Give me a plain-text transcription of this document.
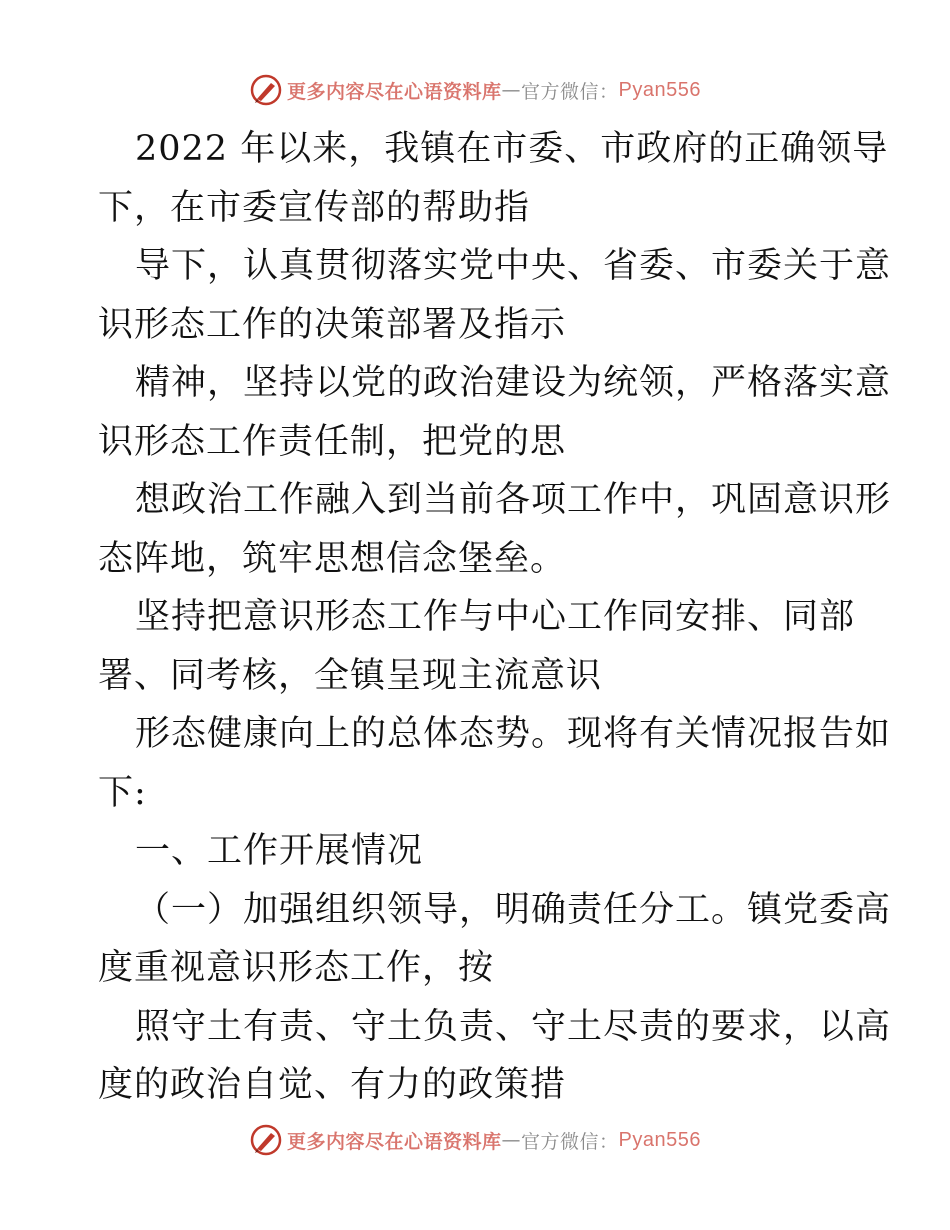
更多内容尽在心语资料库 — 官方微信： Pyan556
2022 年以来，我镇在市委、市政府的正确领导
下，在市委宣传部的帮助指
导下，认真贯彻落实党中央、省委、市委关于意
识形态工作的决策部署及指示
精神，坚持以党的政治建设为统领，严格落实意
识形态工作责任制，把党的思
想政治工作融入到当前各项工作中，巩固意识形
态阵地，筑牢思想信念堡垒。
坚持把意识形态工作与中心工作同安排、同部
署、同考核，全镇呈现主流意识
形态健康向上的总体态势。现将有关情况报告如
下:
一、工作开展情况
（一）加强组织领导，明确责任分工。镇党委高
度重视意识形态工作，按
照守土有责、守土负责、守土尽责的要求，以高
度的政治自觉、有力的政策措
更多内容尽在心语资料库 — 官方微信： Pyan556
